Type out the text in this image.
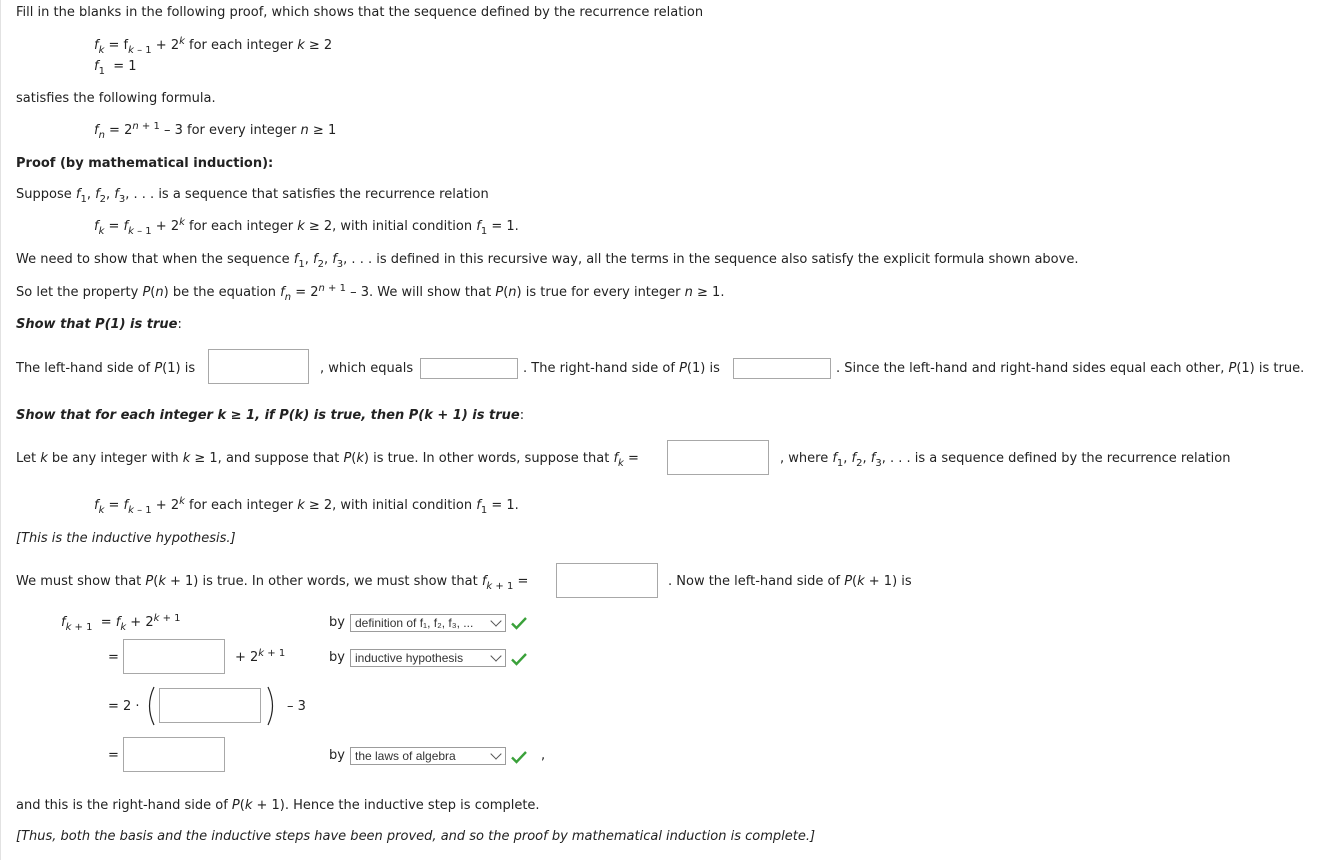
Fill in the blanks in the following proof, which shows that the sequence defined by the recurrence relation
$f_k = f_{k - 1} + 2^k$ for each integer k ≥ 2
$f_1 = 1$
satisfies the following formula.
$f_n = 2^{n + 1} - 3$ for every integer n ≥ 1
Proof (by mathematical induction):
Suppose $f_1$, $f_2$, $f_3$, . . . is a sequence that satisfies the recurrence relation
$f_k = f_{k - 1} + 2^k$ for each integer k ≥ 2, with initial condition $f_1 = 1$.
We need to show that when the sequence $f_1$, $f_2$, $f_3$, . . . is defined in this recursive way, all the terms in the sequence also satisfy the explicit formula shown above.
So let the property P(n) be the equation $f_n = 2^{n + 1} - 3$. We will show that P(n) is true for every integer n ≥ 1.
Show that P(1) is true:
The left-hand side of P(1) is	, which equals	. The right-hand side of P(1) is	. Since the left-hand and right-hand sides equal each other, P(1) is true.
Show that for each integer k ≥ 1, if P(k) is true, then P(k + 1) is true:
Let k be any integer with k ≥ 1, and suppose that P(k) is true. In other words, suppose that $f_k$ =	, where $f_1$, $f_2$, $f_3$, . . . is a sequence defined by the recurrence relation
$f_k = f_{k - 1} + 2^k$ for each integer k ≥ 2, with initial condition $f_1 = 1$.
[This is the inductive hypothesis.]
We must show that P(k + 1) is true. In other words, we must show that $f_{k + 1}$ =	. Now the left-hand side of P(k + 1) is
$f_{k + 1} = f_k + 2^{k + 1}$	by definition of f₁, f₂, f₃, ...
=	+ $2^{k + 1}$	by inductive hypothesis
= 2 ·	– 3
=	by the laws of algebra	,
and this is the right-hand side of P(k + 1). Hence the inductive step is complete.
[Thus, both the basis and the inductive steps have been proved, and so the proof by mathematical induction is complete.]
